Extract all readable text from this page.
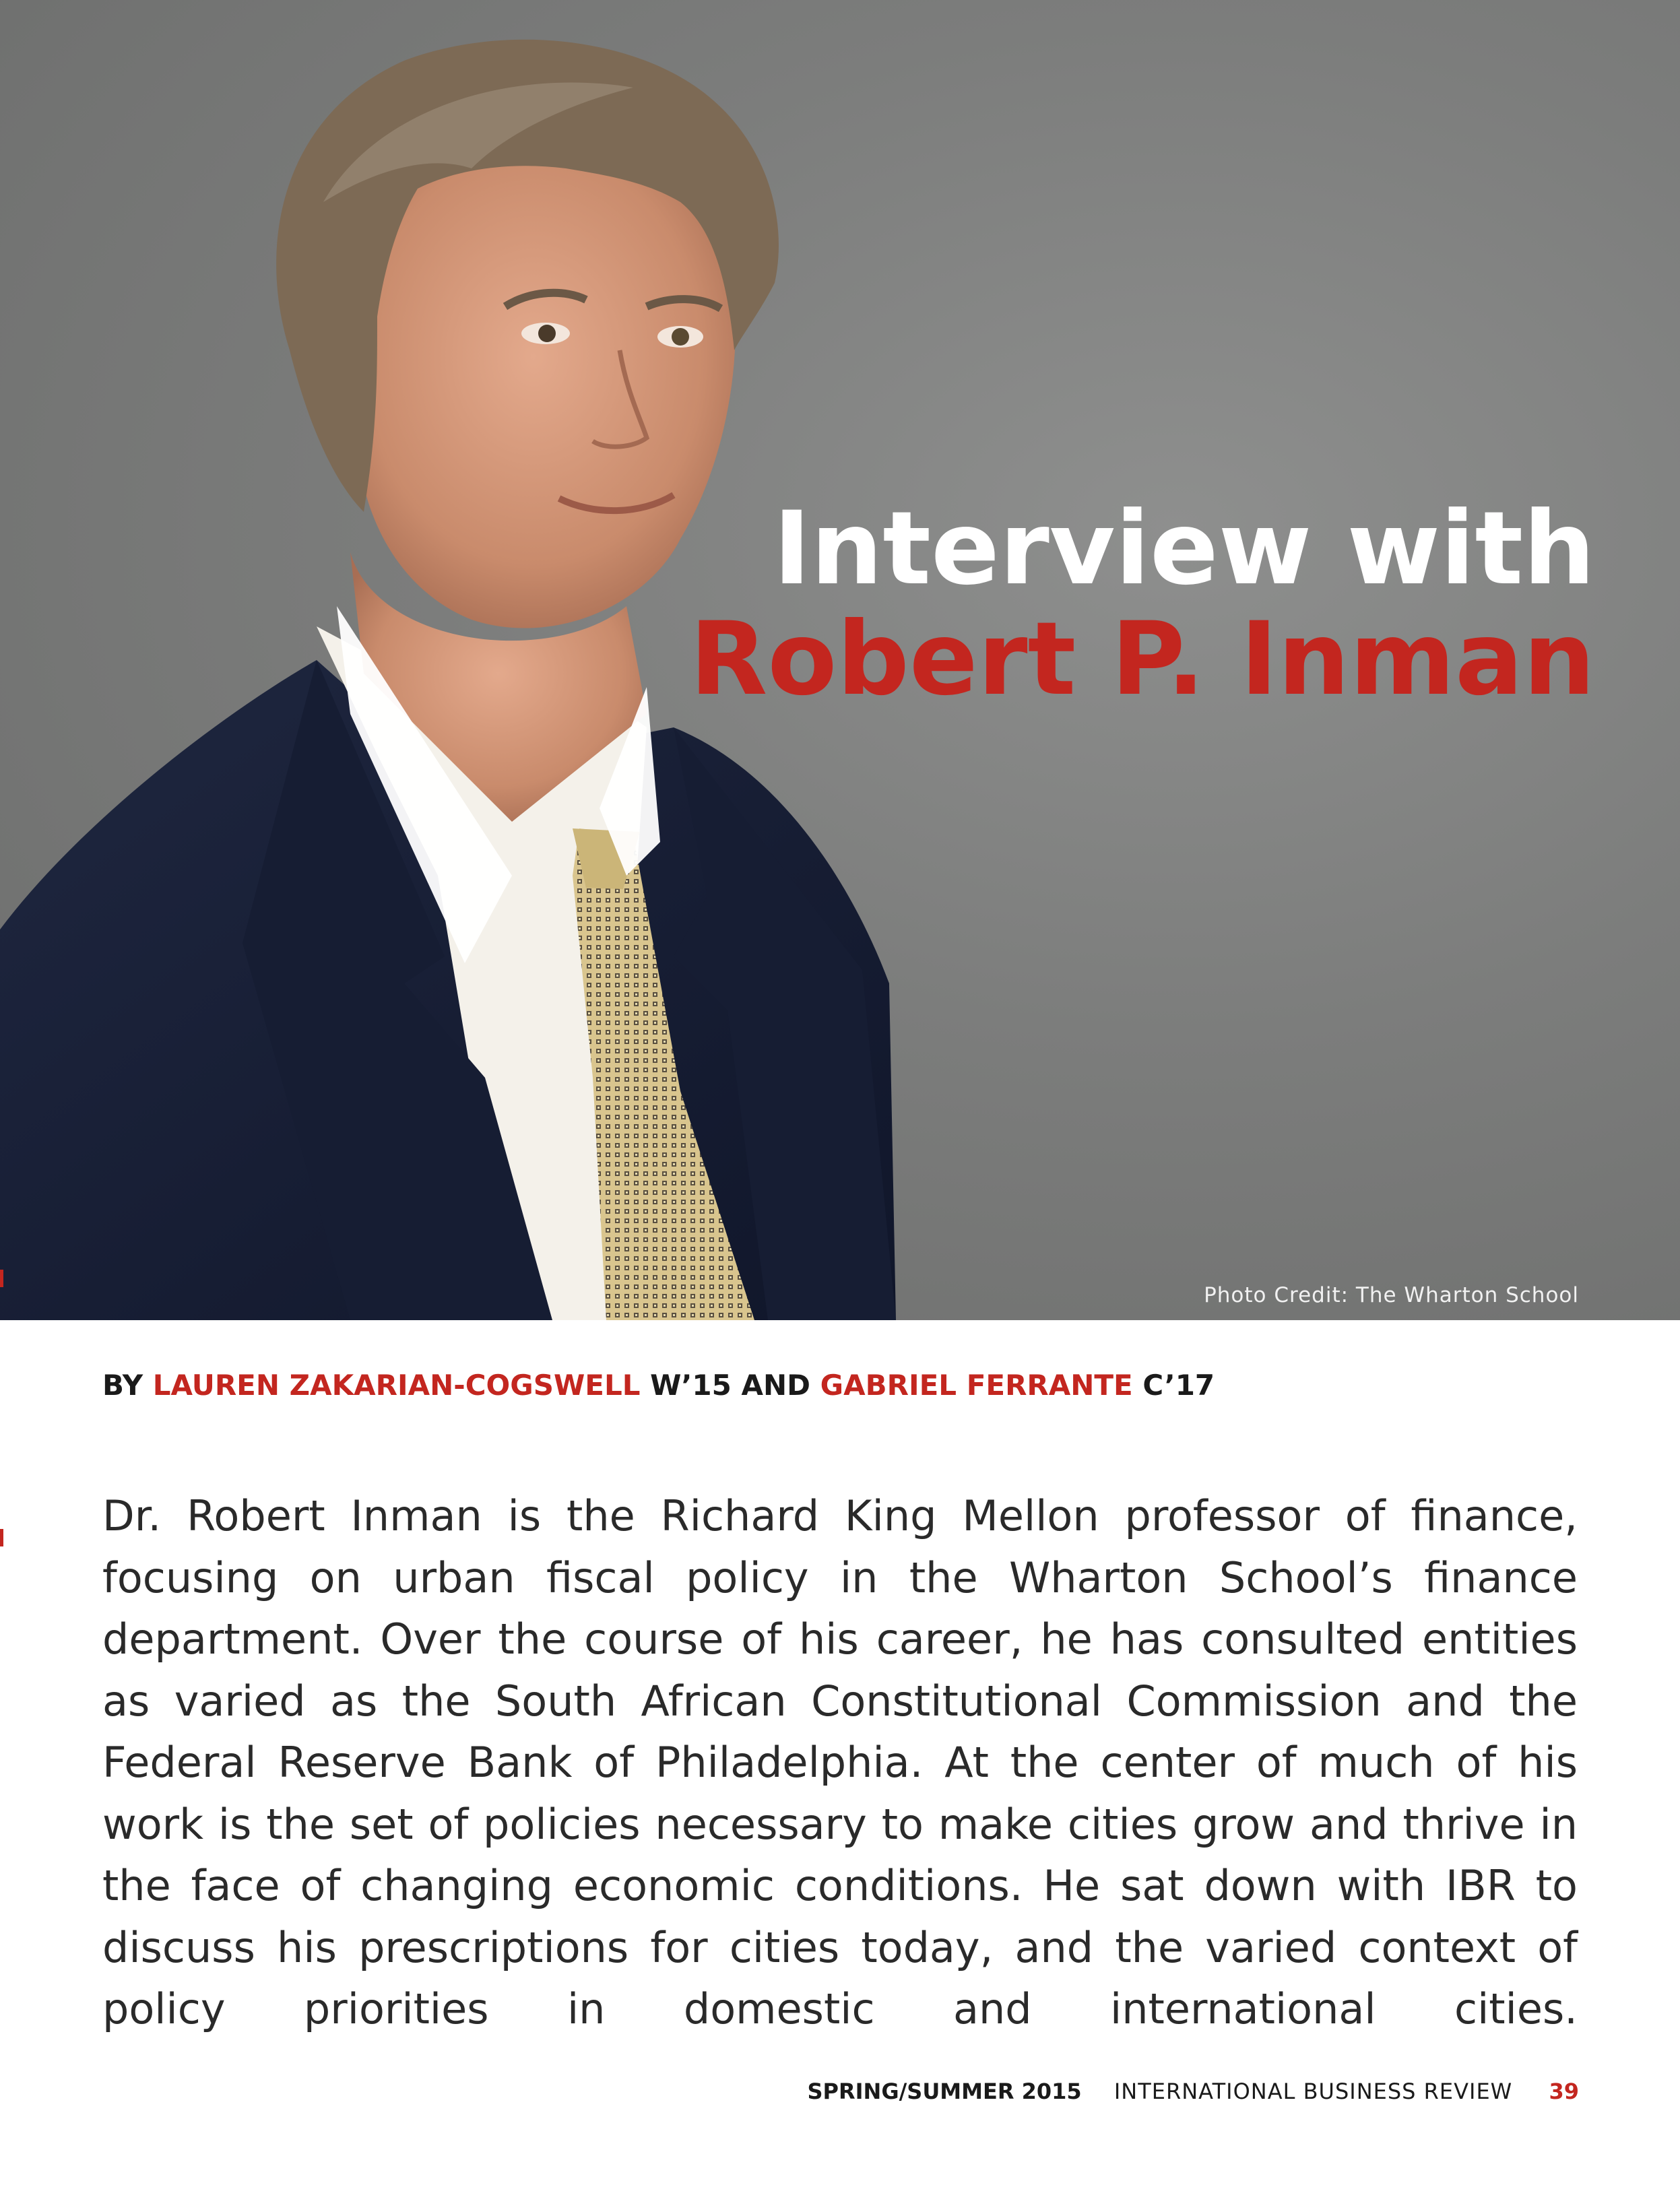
Interview with
Robert P. Inman
Photo Credit: The Wharton School
BY LAUREN ZAKARIAN-COGSWELL W’15 AND GABRIEL FERRANTE C’17

Dr. Robert Inman is the Richard King Mellon professor of finance, focusing on urban fiscal policy in the Wharton School’s finance department. Over the course of his career, he has consulted entities as varied as the South African Constitutional Commission and the Federal Reserve Bank of Philadelphia. At the center of much of his work is the set of policies necessary to make cities grow and thrive in the face of changing economic conditions. He sat down with IBR to discuss his prescriptions for cities today, and the varied context of policy priorities in domestic and international cities.

SPRING/SUMMER 2015 INTERNATIONAL BUSINESS REVIEW 39
